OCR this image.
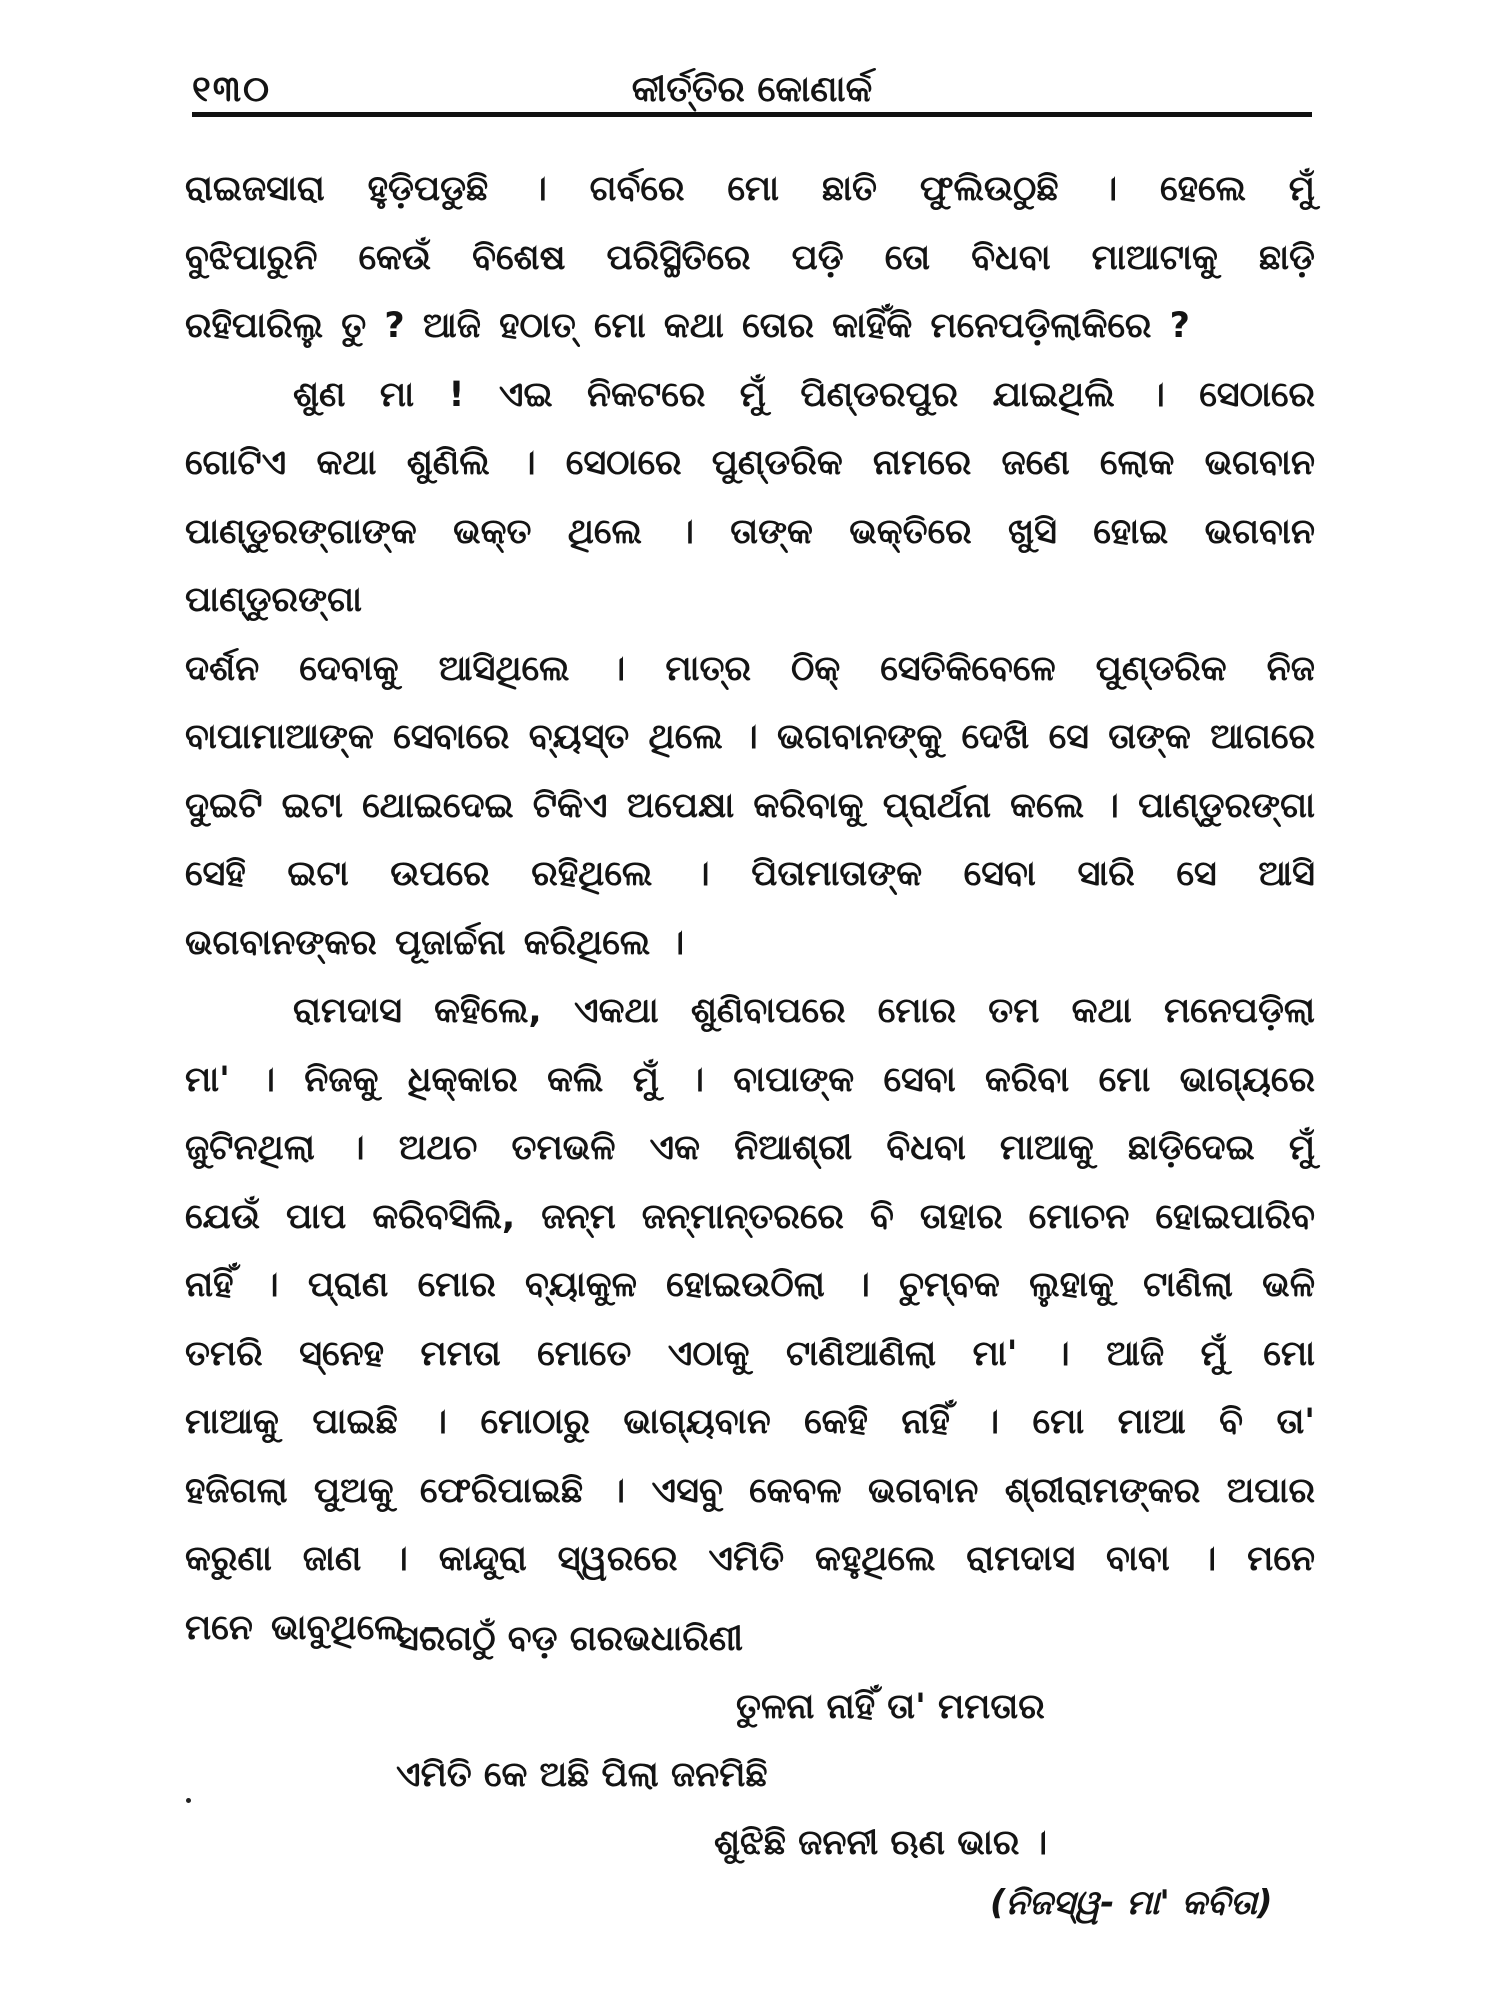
୧୩୦	କୀର୍ତ୍ତିର କୋଣାର୍କ

ରାଇଜସାରା ହୁଡ଼ିପଡୁଛି । ଗର୍ବରେ ମୋ ଛାତି ଫୁଲିଉଠୁଛି । ହେଲେ ମୁଁ
ବୁଝିପାରୁନି କେଉଁ ବିଶେଷ ପରିସ୍ଥିତିରେ ପଡ଼ି ତୋ ବିଧବା ମାଆଟାକୁ ଛାଡ଼ି
ରହିପାରିଲୁ ତୁ ? ଆଜି ହଠାତ୍ ମୋ କଥା ତୋର କାହିଁକି ମନେପଡ଼ିଲାକିରେ ?

ଶୁଣ ମା ! ଏଇ ନିକଟରେ ମୁଁ ପିଣ୍ଡରପୁର ଯାଇଥିଲି । ସେଠାରେ
ଗୋଟିଏ କଥା ଶୁଣିଲି । ସେଠାରେ ପୁଣ୍ଡରିକ ନାମରେ ଜଣେ ଲୋକ ଭଗବାନ
ପାଣ୍ଡୁରଙ୍ଗାଙ୍କ ଭକ୍ତ ଥିଲେ । ତାଙ୍କ ଭକ୍ତିରେ ଖୁସି ହୋଇ ଭଗବାନ ପାଣ୍ଡୁରଙ୍ଗା
ଦର୍ଶନ ଦେବାକୁ ଆସିଥିଲେ । ମାତ୍ର ଠିକ୍ ସେତିକିବେଳେ ପୁଣ୍ଡରିକ ନିଜ
ବାପାମାଆଙ୍କ ସେବାରେ ବ୍ୟସ୍ତ ଥିଲେ । ଭଗବାନଙ୍କୁ ଦେଖି ସେ ତାଙ୍କ ଆଗରେ
ଦୁଇଟି ଇଟା ଥୋଇଦେଇ ଟିକିଏ ଅପେକ୍ଷା କରିବାକୁ ପ୍ରାର୍ଥନା କଲେ । ପାଣ୍ଡୁରଙ୍ଗା
ସେହି ଇଟା ଉପରେ ରହିଥିଲେ । ପିତାମାତାଙ୍କ ସେବା ସାରି ସେ ଆସି
ଭଗବାନଙ୍କର ପୂଜାର୍ଚ୍ଚନା କରିଥିଲେ ।

ରାମଦାସ କହିଲେ, ଏକଥା ଶୁଣିବାପରେ ମୋର ତମ କଥା ମନେପଡ଼ିଲା
ମା' । ନିଜକୁ ଧିକ୍କାର କଲି ମୁଁ । ବାପାଙ୍କ ସେବା କରିବା ମୋ ଭାଗ୍ୟରେ
ଜୁଟିନଥିଲା । ଅଥଚ ତମଭଳି ଏକ ନିଆଶ୍ରୀ ବିଧବା ମାଆକୁ ଛାଡ଼ିଦେଇ ମୁଁ
ଯେଉଁ ପାପ କରିବସିଲି, ଜନ୍ମ ଜନ୍ମାନ୍ତରରେ ବି ତାହାର ମୋଚନ ହୋଇପାରିବ
ନାହିଁ । ପ୍ରାଣ ମୋର ବ୍ୟାକୁଳ ହୋଇଉଠିଲା । ଚୁମ୍ବକ ଲୁହାକୁ ଟାଣିଲା ଭଳି
ତମରି ସ୍ନେହ ମମତା ମୋତେ ଏଠାକୁ ଟାଣିଆଣିଲା ମା' । ଆଜି ମୁଁ ମୋ
ମାଆକୁ ପାଇଛି । ମୋଠାରୁ ଭାଗ୍ୟବାନ କେହି ନାହିଁ । ମୋ ମାଆ ବି ତା'
ହଜିଗଲା ପୁଅକୁ ଫେରିପାଇଛି । ଏସବୁ କେବଳ ଭଗବାନ ଶ୍ରୀରାମଙ୍କର ଅପାର
କରୁଣା ଜାଣ । କାନ୍ଦୁରା ସ୍ୱରରେ ଏମିତି କହୁଥିଲେ ରାମଦାସ ବାବା । ମନେ
ମନେ ଭାବୁଥିଲେ –

ସରଗଠୁଁ ବଡ଼ ଗରଭଧାରିଣୀ
ତୁଳନା ନାହିଁ ତା' ମମତାର
ଏମିତି କେ ଅଛି ପିଲା ଜନମିଛି
ଶୁଝିଛି ଜନନୀ ଋଣ ଭାର ।
(ନିଜସ୍ୱ- ମା' କବିତା)
